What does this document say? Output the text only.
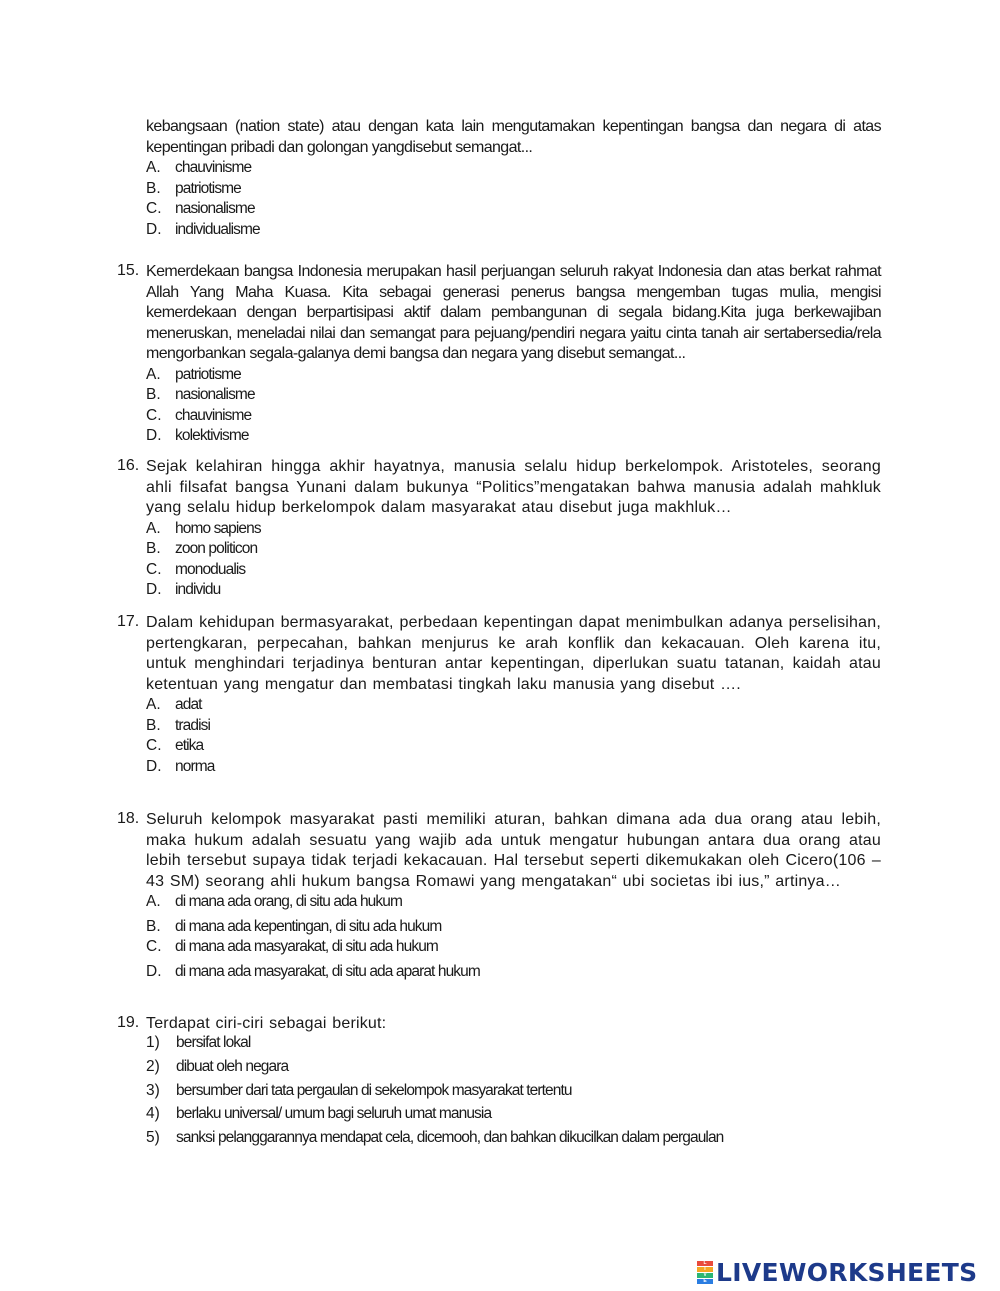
kebangsaan (nation state) atau dengan kata lain mengutamakan kepentingan bangsa dan negara di atas kepentingan pribadi dan golongan yangdisebut semangat...
A. chauvinisme
B. patriotisme
C. nasionalisme
D. individualisme
15. Kemerdekaan bangsa Indonesia merupakan hasil perjuangan seluruh rakyat Indonesia dan atas berkat rahmat Allah Yang Maha Kuasa. Kita sebagai generasi penerus bangsa mengemban tugas mulia, mengisi kemerdekaan dengan berpartisipasi aktif dalam pembangunan di segala bidang.Kita juga berkewajiban meneruskan, meneladai nilai dan semangat para pejuang/pendiri negara yaitu cinta tanah air sertabersedia/rela mengorbankan segala-galanya demi bangsa dan negara yang disebut semangat...
A. patriotisme
B. nasionalisme
C. chauvinisme
D. kolektivisme
16. Sejak kelahiran hingga akhir hayatnya, manusia selalu hidup berkelompok. Aristoteles, seorang ahli filsafat bangsa Yunani dalam bukunya “Politics”mengatakan bahwa manusia adalah mahkluk yang selalu hidup berkelompok dalam masyarakat atau disebut juga makhluk…
A. homo sapiens
B. zoon politicon
C. monodualis
D. individu
17. Dalam kehidupan bermasyarakat, perbedaan kepentingan dapat menimbulkan adanya perselisihan, pertengkaran, perpecahan, bahkan menjurus ke arah konflik dan kekacauan. Oleh karena itu, untuk menghindari terjadinya benturan antar kepentingan, diperlukan suatu tatanan, kaidah atau ketentuan yang mengatur dan membatasi tingkah laku manusia yang disebut ….
A. adat
B. tradisi
C. etika
D. norma
18. Seluruh kelompok masyarakat pasti memiliki aturan, bahkan dimana ada dua orang atau lebih, maka hukum adalah sesuatu yang wajib ada untuk mengatur hubungan antara dua orang atau lebih tersebut supaya tidak terjadi kekacauan. Hal tersebut seperti dikemukakan oleh Cicero(106 – 43 SM) seorang ahli hukum bangsa Romawi yang mengatakan“ ubi societas ibi ius,” artinya…
A. di mana ada orang, di situ ada hukum
B. di mana ada kepentingan, di situ ada hukum
C. di mana ada masyarakat, di situ ada hukum
D. di mana ada masyarakat, di situ ada aparat hukum
19. Terdapat ciri-ciri sebagai berikut:
1) bersifat lokal
2) dibuat oleh negara
3) bersumber dari tata pergaulan di sekelompok masyarakat tertentu
4) berlaku universal/ umum bagi seluruh umat manusia
5) sanksi pelanggarannya mendapat cela, dicemooh, dan bahkan dikucilkan dalam pergaulan
L
I
V
E LIVEWORKSHEETS
